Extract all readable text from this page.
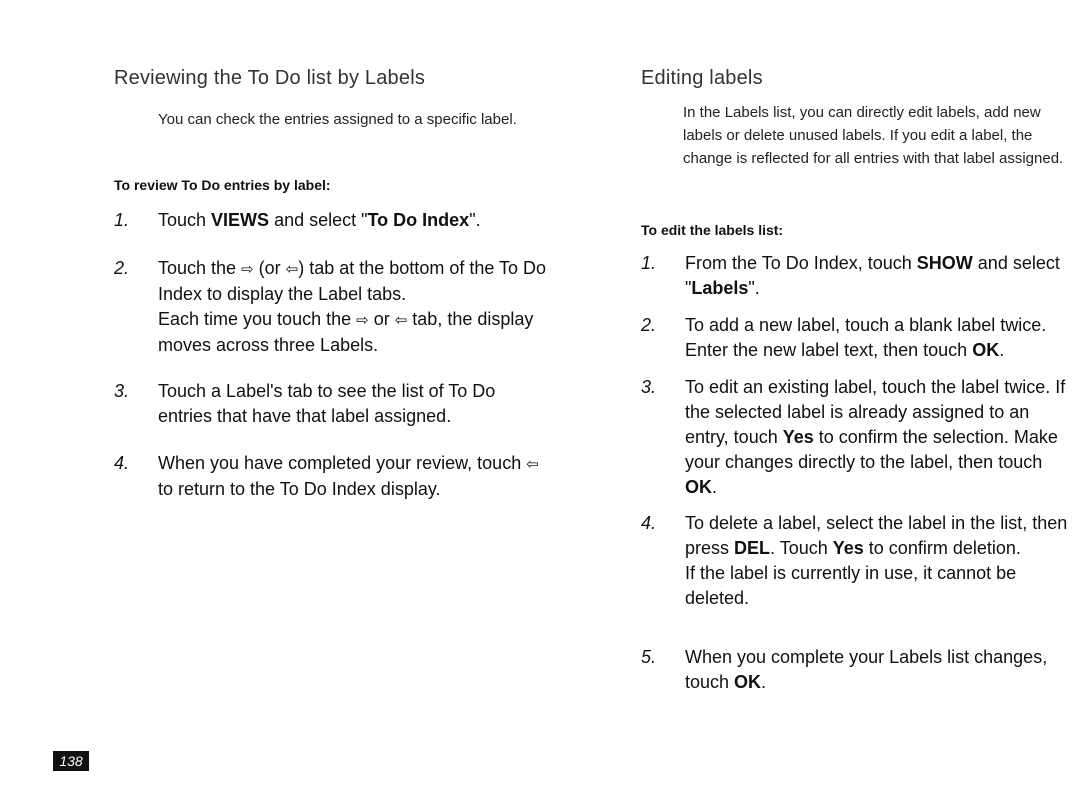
Reviewing the To Do list by Labels

You can check the entries assigned to a specific label.

To review To Do entries by label:

1. Touch VIEWS and select "To Do Index".
2. Touch the ⇨ (or ⇦) tab at the bottom of the To Do Index to display the Label tabs.
Each time you touch the ⇨ or ⇦ tab, the display moves across three Labels.
3. Touch a Label's tab to see the list of To Do entries that have that label assigned.
4. When you have completed your review, touch ⇦ to return to the To Do Index display.
Editing labels

In the Labels list, you can directly edit labels, add new labels or delete unused labels. If you edit a label, the change is reflected for all entries with that label assigned.

To edit the labels list:

1. From the To Do Index, touch SHOW and select "Labels".
2. To add a new label, touch a blank label twice. Enter the new label text, then touch OK.
3. To edit an existing label, touch the label twice. If the selected label is already assigned to an entry, touch Yes to confirm the selection. Make your changes directly to the label, then touch OK.
4. To delete a label, select the label in the list, then press DEL. Touch Yes to confirm deletion.
If the label is currently in use, it cannot be deleted.
5. When you complete your Labels list changes, touch OK.
138
